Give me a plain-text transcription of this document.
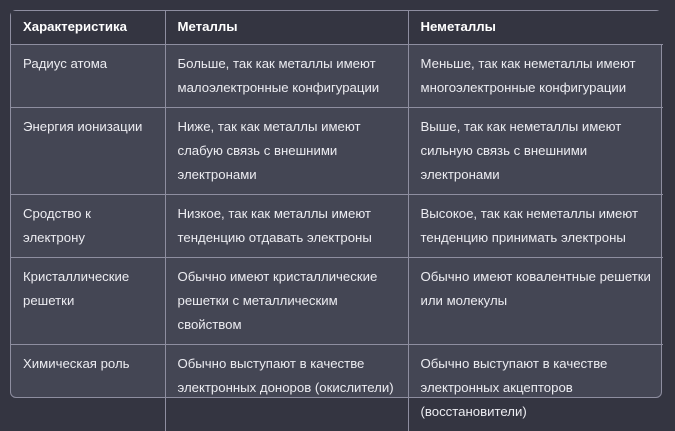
Характеристика	Металлы	Неметаллы
Радиус атома	Больше, так как металлы имеют малоэлектронные конфигурации	Меньше, так как неметаллы имеют многоэлектронные конфигурации
Энергия ионизации	Ниже, так как металлы имеют слабую связь с внешними электронами	Выше, так как неметаллы имеют сильную связь с внешними электронами
Сродство к электрону	Низкое, так как металлы имеют тенденцию отдавать электроны	Высокое, так как неметаллы имеют тенденцию принимать электроны
Кристаллические решетки	Обычно имеют кристаллические решетки с металлическим свойством	Обычно имеют ковалентные решетки или молекулы
Химическая роль	Обычно выступают в качестве электронных доноров (окислители)	Обычно выступают в качестве электронных акцепторов (восстановители)
